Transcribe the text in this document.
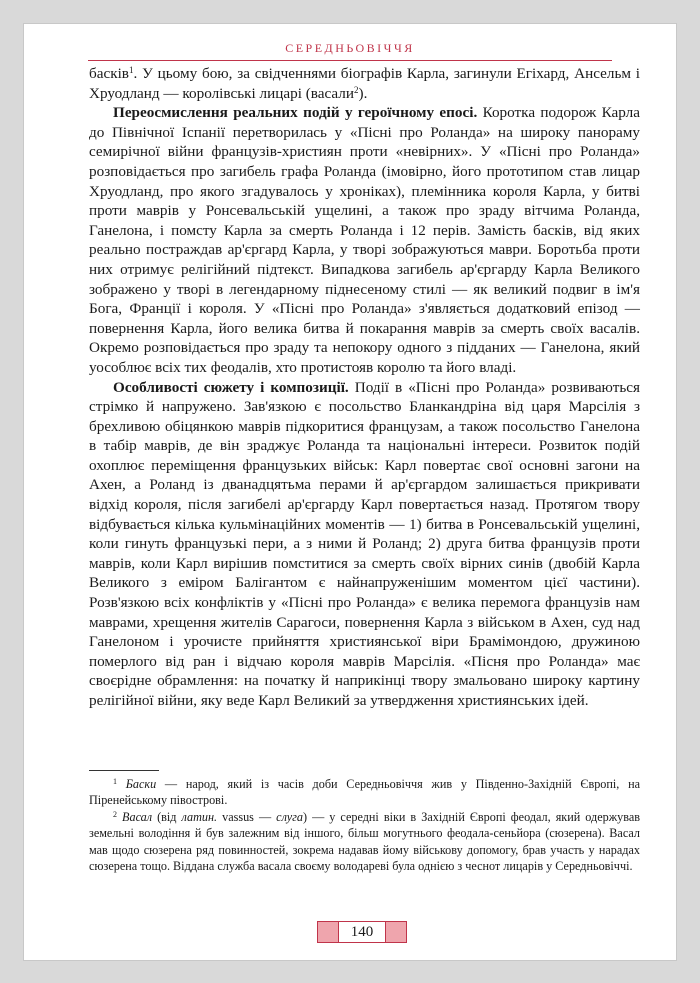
СЕРЕДНЬОВІЧЧЯ

басків$^1$. У цьому бою, за свідченнями біографів Карла, загинули Егіхард, Ансельм і Хруодланд — королівські лицарі (васали$^2$).

Переосмислення реальних подій у героїчному епосі. Коротка подорож Карла до Північної Іспанії перетворилась у «Пісні про Роланда» на широку панораму семирічної війни французів-християн проти «невірних». У «Пісні про Роланда» розповідається про загибель графа Роланда (імовірно, його прототипом став лицар Хруодланд, про якого згадувалось у хроніках), племінника короля Карла, у битві проти маврів у Ронсевальській ущелині, а також про зраду вітчима Роланда, Ганелона, і помсту Карла за смерть Роланда і 12 перів. Замість басків, від яких реально постраждав ар'єргард Карла, у творі зображуються маври. Боротьба проти них отримує релігійний підтекст. Випадкова загибель ар'єргарду Карла Великого зображено у творі в легендарному піднесеному стилі — як великий подвиг в ім'я Бога, Франції і короля. У «Пісні про Роланда» з'являється додатковий епізод — повернення Карла, його велика битва й покарання маврів за смерть своїх васалів. Окремо розповідається про зраду та непокору одного з підданих — Ганелона, який уособлює всіх тих феодалів, хто протистояв королю та його владі.

Особливості сюжету і композиції. Події в «Пісні про Роланда» розвиваються стрімко й напружено. Зав'язкою є посольство Бланкандріна від царя Марсілія з брехливою обіцянкою маврів підкоритися французам, а також посольство Ганелона в табір маврів, де він зраджує Роланда та національні інтереси. Розвиток подій охоплює переміщення французьких військ: Карл повертає свої основні загони на Ахен, а Роланд із дванадцятьма перами й ар'єргардом залишається прикривати відхід короля, після загибелі ар'єргарду Карл повертається назад. Протягом твору відбувається кілька кульмінаційних моментів — 1) битва в Ронсевальській ущелині, коли гинуть французькі пери, а з ними й Роланд; 2) друга битва французів проти маврів, коли Карл вирішив помститися за смерть своїх вірних синів (двобій Карла Великого з еміром Балігантом є найнапруженішим моментом цієї частини). Розв'язкою всіх конфліктів у «Пісні про Роланда» є велика перемога французів нам маврами, хрещення жителів Сарагоси, повернення Карла з військом в Ахен, суд над Ганелоном і урочисте прийняття християнської віри Брамімондою, дружиною померлого від ран і відчаю короля маврів Марсілія. «Пісня про Роланда» має своєрідне обрамлення: на початку й наприкінці твору змальовано широку картину релігійної війни, яку веде Карл Великий за утвердження християнських ідей.

$^1$ Баски — народ, який із часів доби Середньовіччя жив у Південно-Західній Європі, на Піренейському півострові.

$^2$ Васал (від латин. vassus — слуга) — у середні віки в Західній Європі феодал, який одержував земельні володіння й був залежним від іншого, більш могутнього феодала-сеньйора (сюзерена). Васал мав щодо сюзерена ряд повинностей, зокрема надавав йому військову допомогу, брав участь у нарадах сюзерена тощо. Віддана служба васала своєму володареві була однією з чеснот лицарів у Середньовіччі.

140
